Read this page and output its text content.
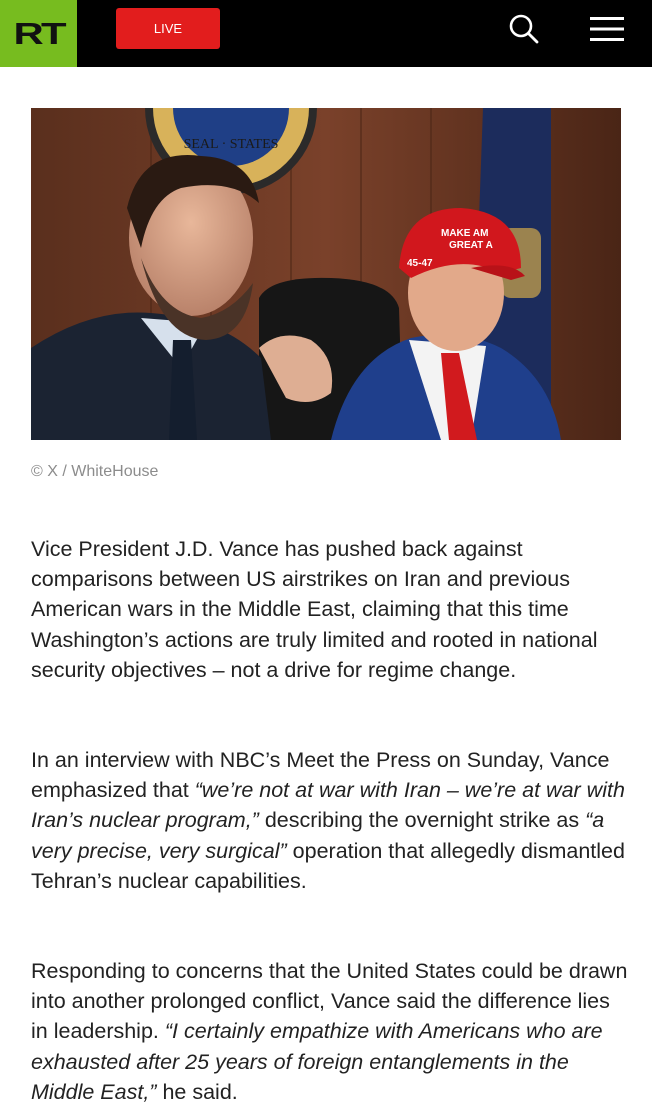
RT	LIVE
SEAL · STATES
MAKE AM
GREAT A
45-47
© X / WhiteHouse

Vice President J.D. Vance has pushed back against comparisons between US airstrikes on Iran and previous American wars in the Middle East, claiming that this time Washington’s actions are truly limited and rooted in national security objectives – not a drive for regime change.

In an interview with NBC’s Meet the Press on Sunday, Vance emphasized that “we’re not at war with Iran – we’re at war with Iran’s nuclear program,” describing the overnight strike as “a very precise, very surgical” operation that allegedly dismantled Tehran’s nuclear capabilities.

Responding to concerns that the United States could be drawn into another prolonged conflict, Vance said the difference lies in leadership. “I certainly empathize with Americans who are exhausted after 25 years of foreign entanglements in the Middle East,” he said.
